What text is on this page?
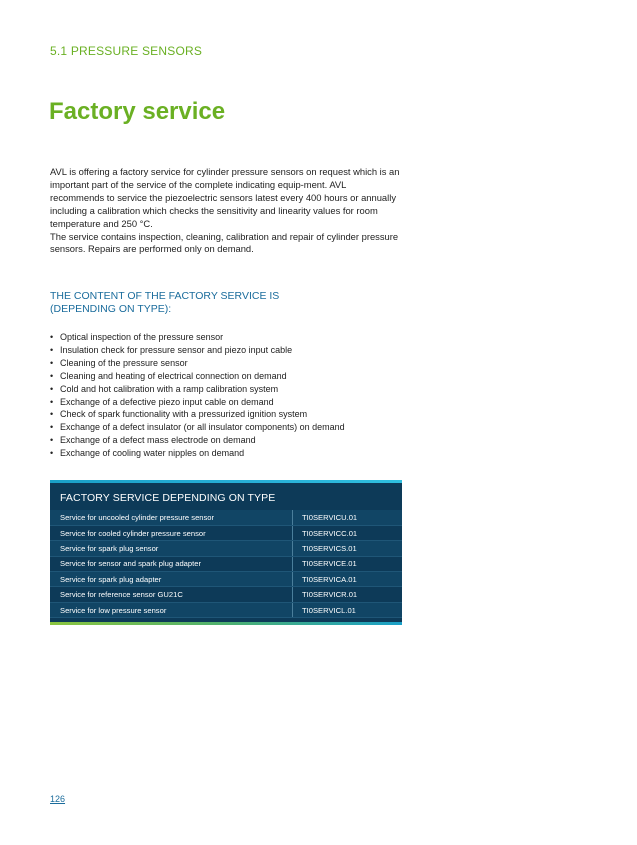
5.1 PRESSURE SENSORS
Factory service

AVL is offering a factory service for cylinder pressure sensors on request which is an important part of the service of the complete indicating equip-ment. AVL recommends to service the piezoelectric sensors latest every 400 hours or annually including a calibration which checks the sensitivity and linearity values for room temperature and 250 °C.

The service contains inspection, cleaning, calibration and repair of cylinder pressure sensors. Repairs are performed only on demand.

THE CONTENT OF THE FACTORY SERVICE IS
(DEPENDING ON TYPE):
• Optical inspection of the pressure sensor
• Insulation check for pressure sensor and piezo input cable
• Cleaning of the pressure sensor
• Cleaning and heating of electrical connection on demand
• Cold and hot calibration with a ramp calibration system
• Exchange of a defective piezo input cable on demand
• Check of spark functionality with a pressurized ignition system
• Exchange of a defect insulator (or all insulator components) on demand
• Exchange of a defect mass electrode on demand
• Exchange of cooling water nipples on demand
FACTORY SERVICE DEPENDING ON TYPE
Service for uncooled cylinder pressure sensor	TI0SERVICU.01
Service for cooled cylinder pressure sensor	TI0SERVICC.01
Service for spark plug sensor	TI0SERVICS.01
Service for sensor and spark plug adapter	TI0SERVICE.01
Service for spark plug adapter	TI0SERVICA.01
Service for reference sensor GU21C	TI0SERVICR.01
Service for low pressure sensor	TI0SERVICL.01
126
